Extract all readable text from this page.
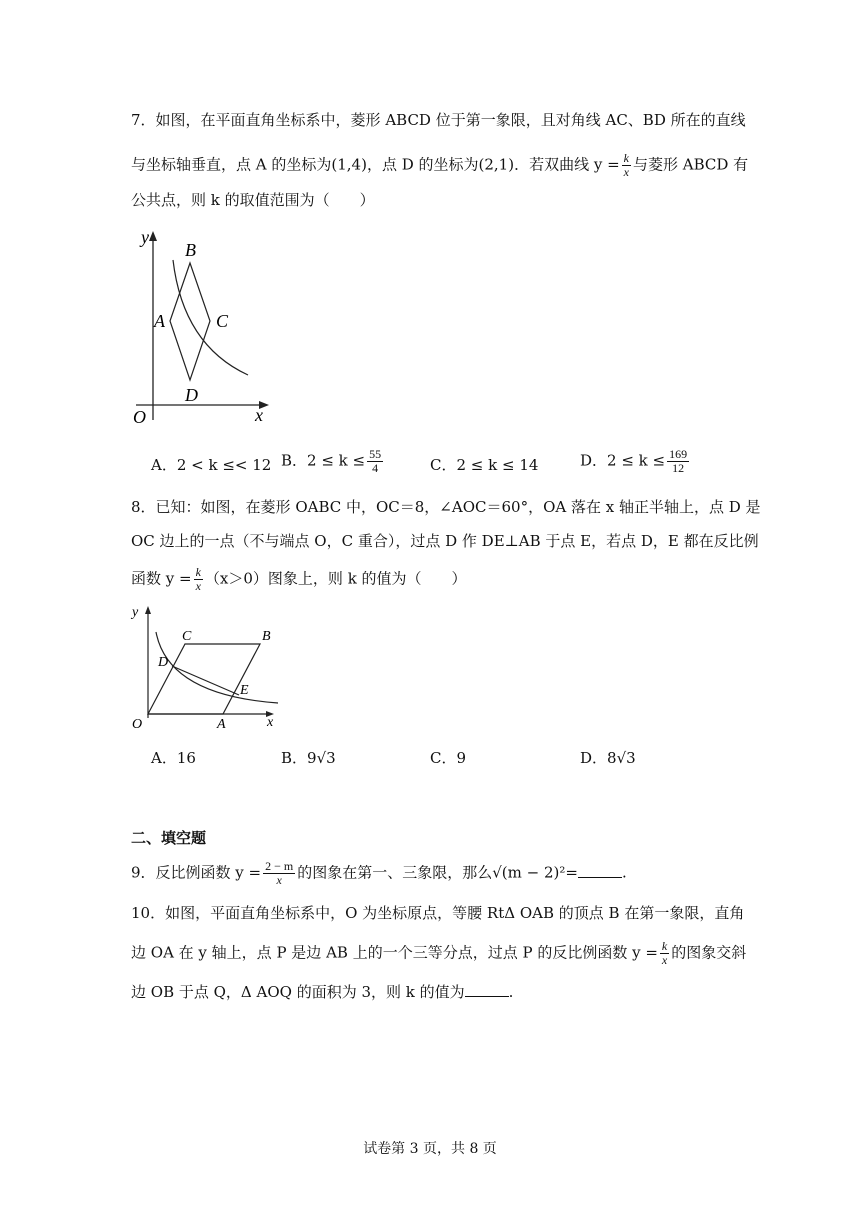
7．如图，在平面直角坐标系中，菱形 ABCD 位于第一象限，且对角线 AC、BD 所在的直线
与坐标轴垂直，点 A 的坐标为(1,4)，点 D 的坐标为(2,1)．若双曲线 $y = \frac{k}{x}$ 与菱形 ABCD 有
公共点，则 k 的取值范围为（　　）
y
B
A	C
D
O	x
A．2 < k ≤< 12 B．$2 \le k \le \frac{55}{4}$	C．2 ≤ k ≤ 14	D．$2 \le k \le \frac{169}{12}$
8．已知：如图，在菱形 OABC 中，OC＝8，∠AOC＝60°，OA 落在 x 轴正半轴上，点 D 是
OC 边上的一点（不与端点 O，C 重合），过点 D 作 DE⊥AB 于点 E，若点 D，E 都在反比例
函数 $y = \frac{k}{x} (x>0)$图象上，则 k 的值为（　　）
y
C	B
D
E
O	A	x
A．16	B．9√3	C．9	D．8√3
二、填空题
9．反比例函数 $y = \frac{2 - m}{x}$ 的图象在第一、三象限，那么√(m − 2)²=	.
10．如图，平面直角坐标系中，O 为坐标原点，等腰 RtΔ OAB 的顶点 B 在第一象限，直角
边 OA 在 y 轴上，点 P 是边 AB 上的一个三等分点，过点 P 的反比例函数 $y = \frac{k}{x}$ 的图象交斜
边 OB 于点 Q，Δ AOQ 的面积为 3，则 k 的值为	.
试卷第 3 页，共 8 页
